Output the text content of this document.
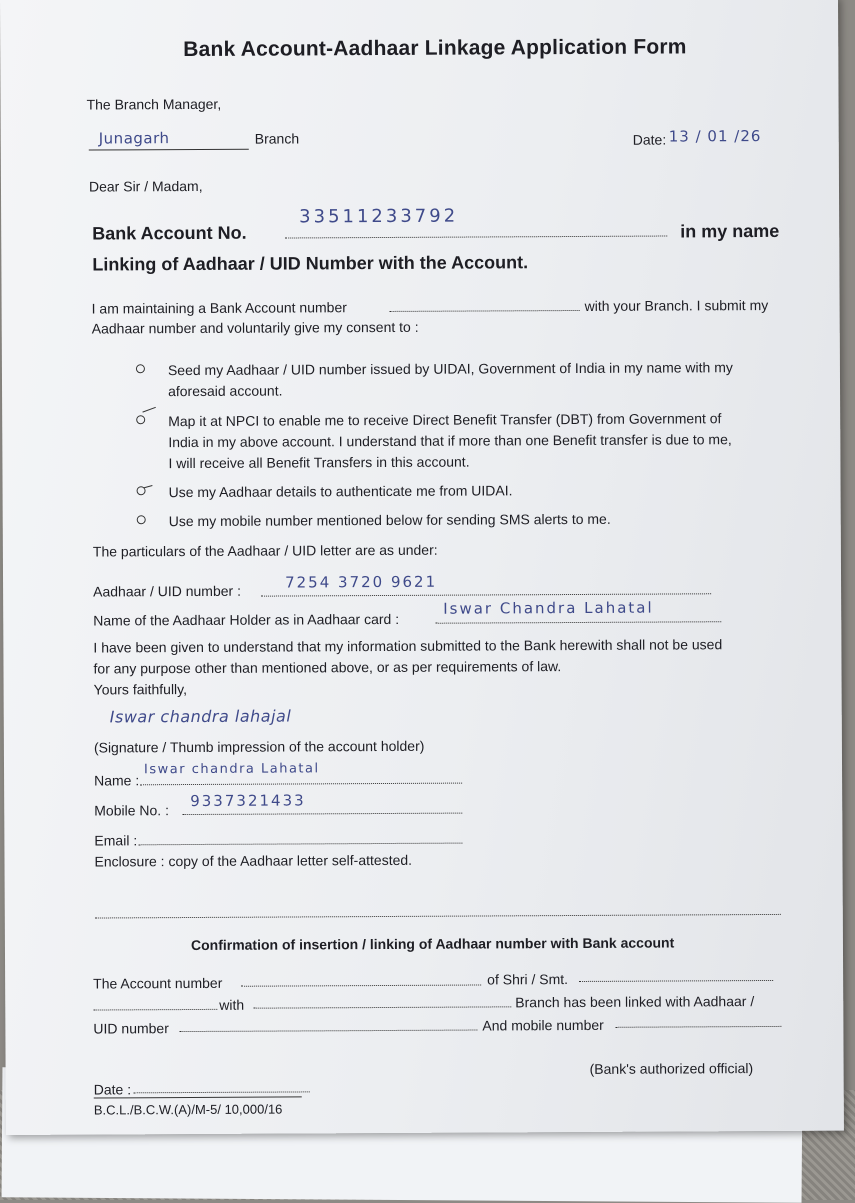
Bank Account-Aadhaar Linkage Application Form
The Branch Manager,
Junagarh	Branch	Date: 13 / 01 /26
Dear Sir / Madam,
Bank Account No.
33511233792
in my name
Linking of Aadhaar / UID Number with the Account.
I am maintaining a Bank Account number	with your Branch. I submit my
Aadhaar number and voluntarily give my consent to :
Seed my Aadhaar / UID number issued by UIDAI, Government of India in my name with my
aforesaid account.
Map it at NPCI to enable me to receive Direct Benefit Transfer (DBT) from Government of
India in my above account. I understand that if more than one Benefit transfer is due to me,
I will receive all Benefit Transfers in this account.
Use my Aadhaar details to authenticate me from UIDAI.
Use my mobile number mentioned below for sending SMS alerts to me.
The particulars of the Aadhaar / UID letter are as under:
Aadhaar / UID number :	7254 3720 9621
Name of the Aadhaar Holder as in Aadhaar card :
Iswar Chandra Lahatal
I have been given to understand that my information submitted to the Bank herewith shall not be used
for any purpose other than mentioned above, or as per requirements of law.
Yours faithfully,
Iswar chandra lahajal
(Signature / Thumb impression of the account holder)
Name :
Iswar chandra Lahatal
Mobile No. :
9337321433
Email :
Enclosure : copy of the Aadhaar letter self-attested.
Confirmation of insertion / linking of Aadhaar number with Bank account
The Account number	of Shri / Smt.
with	Branch has been linked with Aadhaar /
UID number	And mobile number
(Bank's authorized official)
Date :
B.C.L./B.C.W.(A)/M-5/ 10,000/16
